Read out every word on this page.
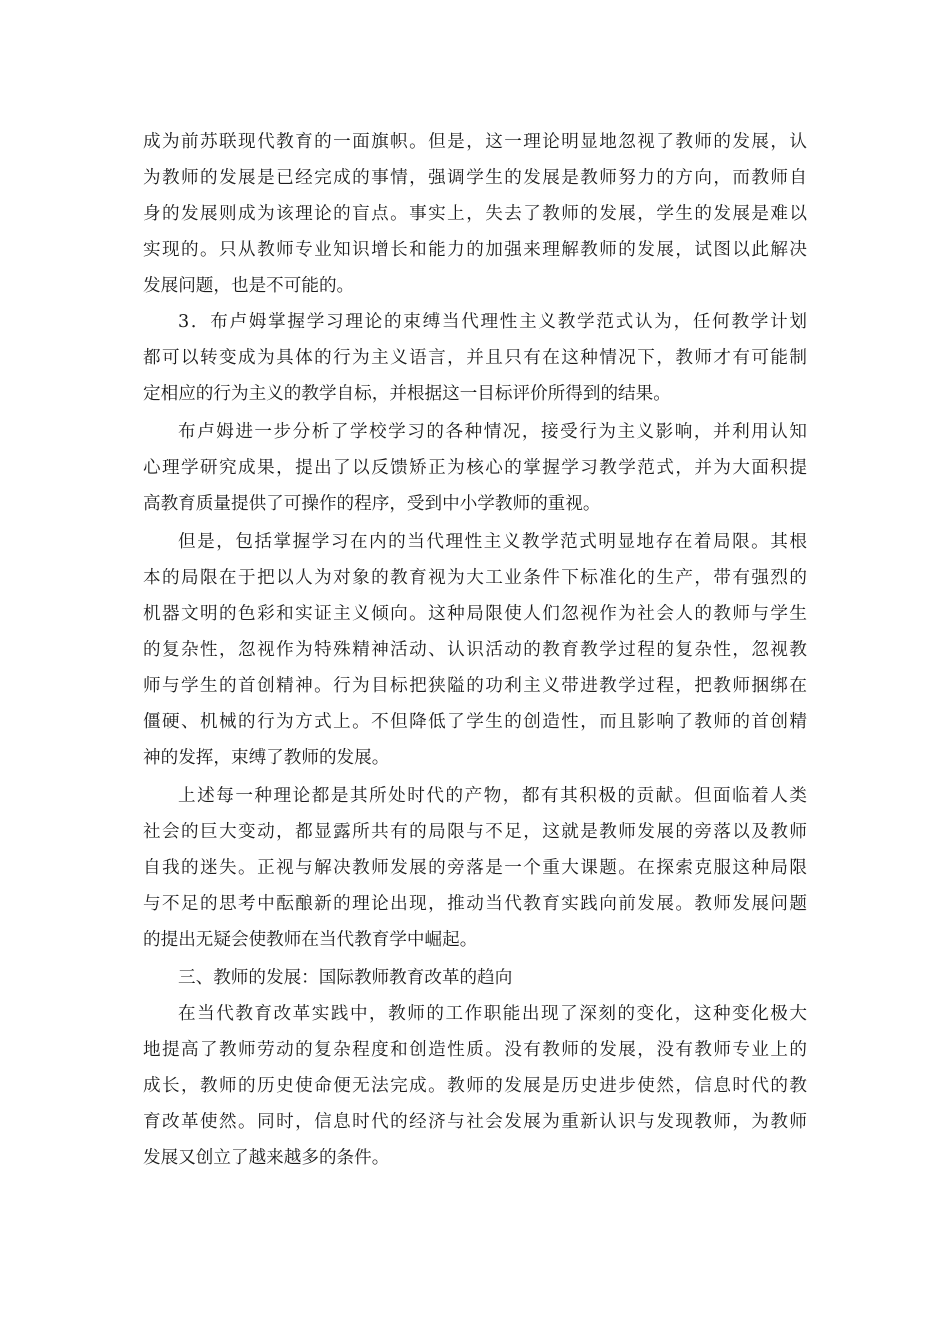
成为前苏联现代教育的一面旗帜。但是，这一理论明显地忽视了教师的发展，认
为教师的发展是已经完成的事情，强调学生的发展是教师努力的方向，而教师自
身的发展则成为该理论的盲点。事实上，失去了教师的发展，学生的发展是难以
实现的。只从教师专业知识增长和能力的加强来理解教师的发展，试图以此解决
发展问题，也是不可能的。
3．布卢姆掌握学习理论的束缚当代理性主义教学范式认为，任何教学计划
都可以转变成为具体的行为主义语言，并且只有在这种情况下，教师才有可能制
定相应的行为主义的教学自标，并根据这一目标评价所得到的结果。
布卢姆进一步分析了学校学习的各种情况，接受行为主义影响，并利用认知
心理学研究成果，提出了以反馈矫正为核心的掌握学习教学范式，并为大面积提
高教育质量提供了可操作的程序，受到中小学教师的重视。
但是，包括掌握学习在内的当代理性主义教学范式明显地存在着局限。其根
本的局限在于把以人为对象的教育视为大工业条件下标准化的生产，带有强烈的
机器文明的色彩和实证主义倾向。这种局限使人们忽视作为社会人的教师与学生
的复杂性，忽视作为特殊精神活动、认识活动的教育教学过程的复杂性，忽视教
师与学生的首创精神。行为目标把狭隘的功利主义带进教学过程，把教师捆绑在
僵硬、机械的行为方式上。不但降低了学生的创造性，而且影响了教师的首创精
神的发挥，束缚了教师的发展。
上述每一种理论都是其所处时代的产物，都有其积极的贡献。但面临着人类
社会的巨大变动，都显露所共有的局限与不足，这就是教师发展的旁落以及教师
自我的迷失。正视与解决教师发展的旁落是一个重大课题。在探索克服这种局限
与不足的思考中酝酿新的理论出现，推动当代教育实践向前发展。教师发展问题
的提出无疑会使教师在当代教育学中崛起。
三、教师的发展：国际教师教育改革的趋向
在当代教育改革实践中，教师的工作职能出现了深刻的变化，这种变化极大
地提高了教师劳动的复杂程度和创造性质。没有教师的发展，没有教师专业上的
成长，教师的历史使命便无法完成。教师的发展是历史进步使然，信息时代的教
育改革使然。同时，信息时代的经济与社会发展为重新认识与发现教师，为教师
发展又创立了越来越多的条件。
